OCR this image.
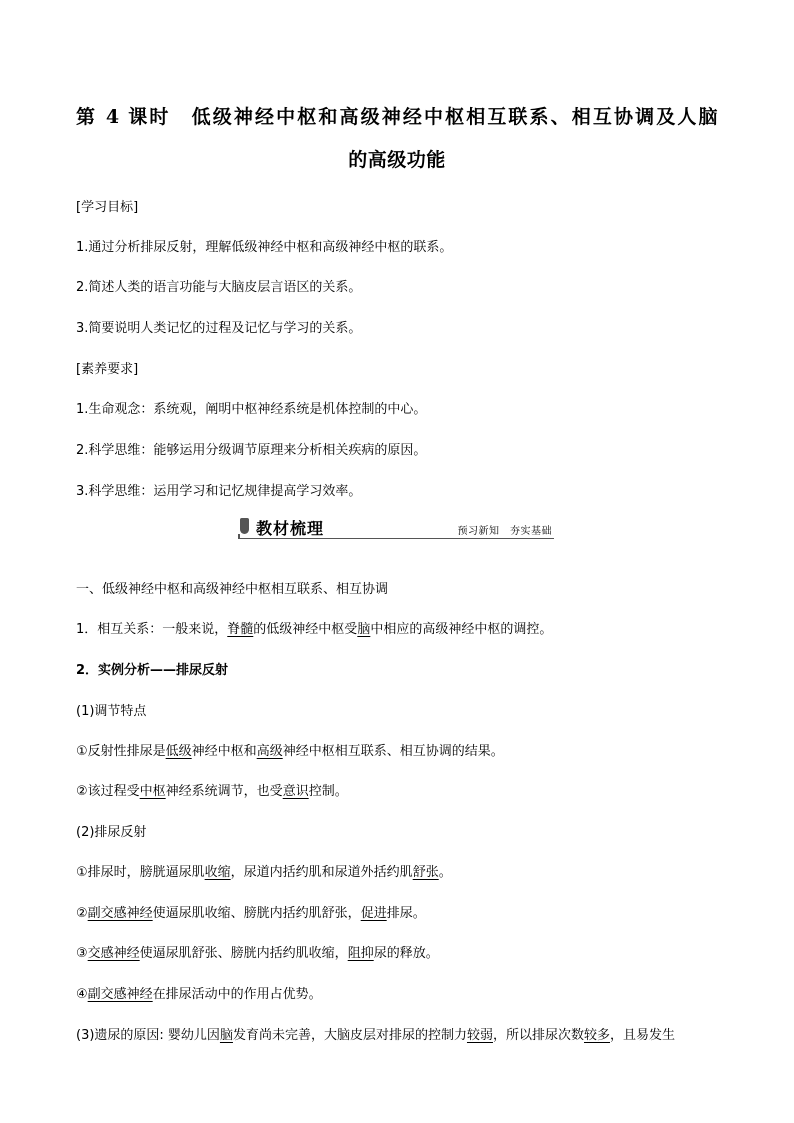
第 4 课时　低级神经中枢和高级神经中枢相互联系、相互协调及人脑
的高级功能
[学习目标]
1.通过分析排尿反射，理解低级神经中枢和高级神经中枢的联系。
2.简述人类的语言功能与大脑皮层言语区的关系。
3.简要说明人类记忆的过程及记忆与学习的关系。
[素养要求]
1.生命观念：系统观，阐明中枢神经系统是机体控制的中心。
2.科学思维：能够运用分级调节原理来分析相关疾病的原因。
3.科学思维：运用学习和记忆规律提高学习效率。
教材梳理	预习新知　夯实基础
一、低级神经中枢和高级神经中枢相互联系、相互协调
1．相互关系：一般来说，脊髓的低级神经中枢受脑中相应的高级神经中枢的调控。
2．实例分析——排尿反射
(1)调节特点
①反射性排尿是低级神经中枢和高级神经中枢相互联系、相互协调的结果。
②该过程受中枢神经系统调节，也受意识控制。
(2)排尿反射
①排尿时，膀胱逼尿肌收缩，尿道内括约肌和尿道外括约肌舒张。
②副交感神经使逼尿肌收缩、膀胱内括约肌舒张，促进排尿。
③交感神经使逼尿肌舒张、膀胱内括约肌收缩，阻抑尿的释放。
④副交感神经在排尿活动中的作用占优势。
(3)遗尿的原因: 婴幼儿因脑发育尚未完善，大脑皮层对排尿的控制力较弱，所以排尿次数较多，且易发生
